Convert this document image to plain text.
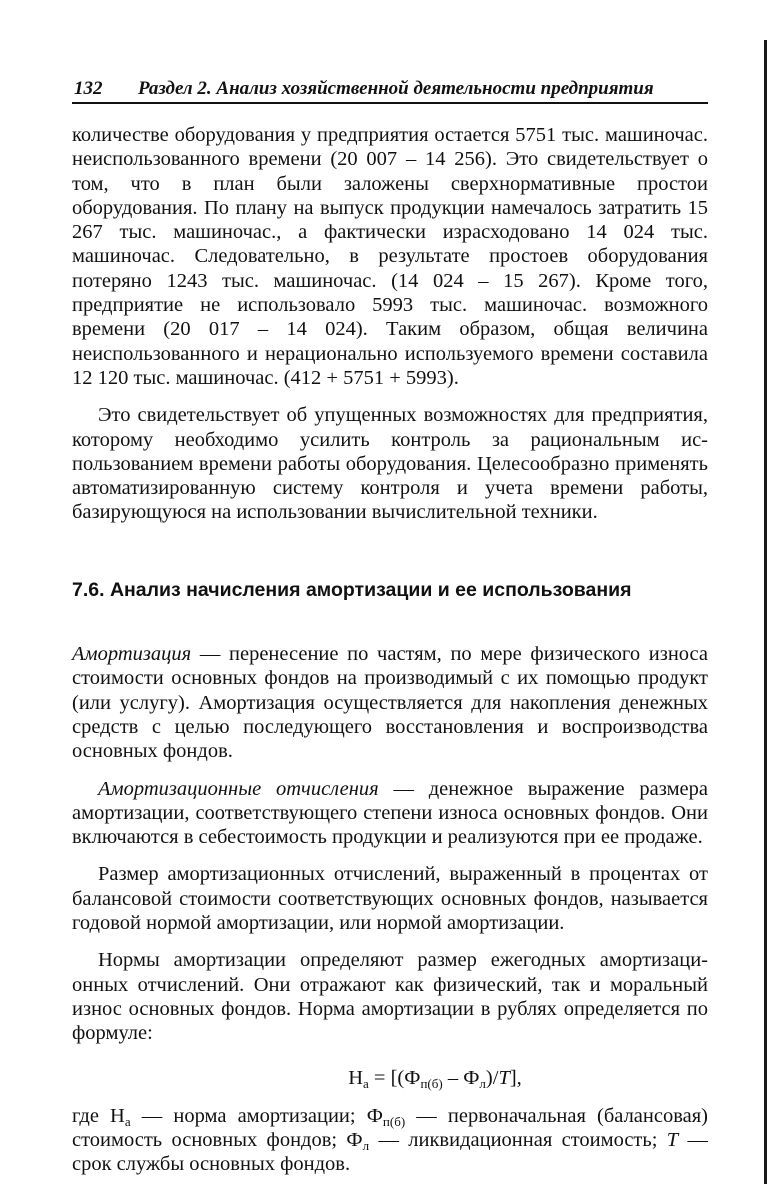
132 Раздел 2. Анализ хозяйственной деятельности предприятия

количестве оборудования у предприятия остается 5751 тыс. машиночас. неиспользованного времени (20 007 – 14 256). Это свидетельствует о том, что в план были заложены сверхнормативные простои оборудования. По плану на выпуск продукции намечалось затратить 15 267 тыс. машиночас., а фактически израсходовано 14 024 тыс. машиночас. Следовательно, в результате простоев оборудования потеряно 1243 тыс. машиночас. (14 024 – 15 267). Кроме того, предприятие не использовало 5993 тыс. машиночас. возможного времени (20 017 – 14 024). Таким образом, общая величина неиспользованного и нерационально используемого времени составила 12 120 тыс. машиночас. (412 + 5751 + 5993).

Это свидетельствует об упущенных возможностях для предприятия, которому необходимо усилить контроль за рациональным использованием времени работы оборудования. Целесообразно применять автоматизированную систему контроля и учета времени работы, базирующуюся на использовании вычислительной техники.

7.6. Анализ начисления амортизации и ее использования

Амортизация — перенесение по частям, по мере физического износа стоимости основных фондов на производимый с их помощью продукт (или услугу). Амортизация осуществляется для накопления денежных средств с целью последующего восстановления и воспроизводства основных фондов.

Амортизационные отчисления — денежное выражение размера амортизации, соответствующего степени износа основных фондов. Они включаются в себестоимость продукции и реализуются при ее продаже.

Размер амортизационных отчислений, выраженный в процентах от балансовой стоимости соответствующих основных фондов, называется годовой нормой амортизации, или нормой амортизации.

Нормы амортизации определяют размер ежегодных амортизационных отчислений. Они отражают как физический, так и моральный износ основных фондов. Норма амортизации в рублях определяется по формуле:

$Н_а = [(Ф_{п(б)} - Ф_л)/Т]$,

где $Н_а$ — норма амортизации; $Ф_{п(б)}$ — первоначальная (балансовая) стоимость основных фондов; $Ф_л$ — ликвидационная стоимость; Т — срок службы основных фондов.
